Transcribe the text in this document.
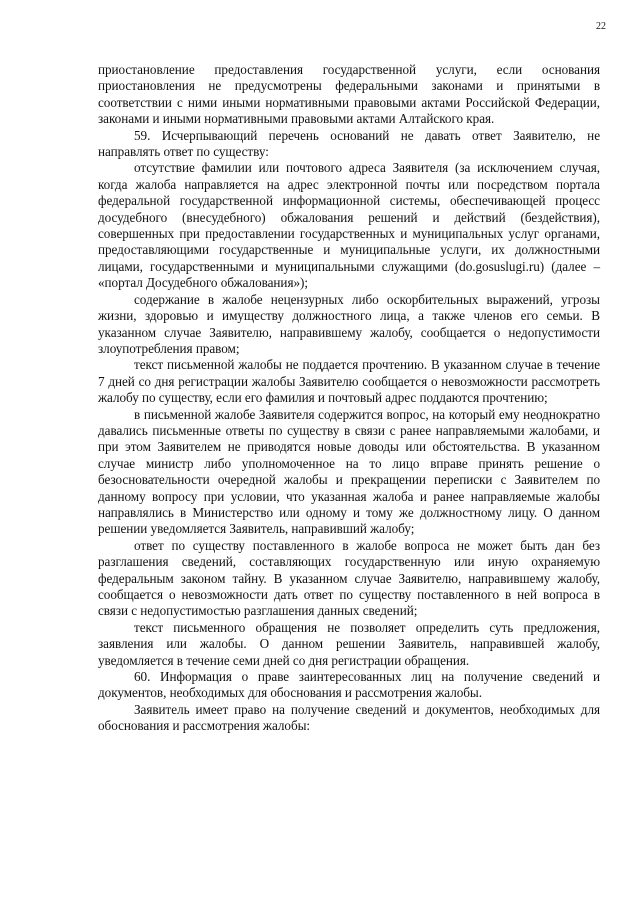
22

приостановление предоставления государственной услуги, если основания приостановления не предусмотрены федеральными законами и принятыми в соответствии с ними иными нормативными правовыми актами Российской Федерации, законами и иными нормативными правовыми актами Алтайского края.

59. Исчерпывающий перечень оснований не давать ответ Заявителю, не направлять ответ по существу:

отсутствие фамилии или почтового адреса Заявителя (за исключением случая, когда жалоба направляется на адрес электронной почты или посредством портала федеральной государственной информационной системы, обеспечивающей процесс досудебного (внесудебного) обжалования решений и действий (бездействия), совершенных при предоставлении государственных и муниципальных услуг органами, предоставляющими государственные и муниципальные услуги, их должностными лицами, государственными и муниципальными служащими (do.gosuslugi.ru) (далее – «портал Досудебного обжалования»);

содержание в жалобе нецензурных либо оскорбительных выражений, угрозы жизни, здоровью и имуществу должностного лица, а также членов его семьи. В указанном случае Заявителю, направившему жалобу, сообщается о недопустимости злоупотребления правом;

текст письменной жалобы не поддается прочтению. В указанном случае в течение 7 дней со дня регистрации жалобы Заявителю сообщается о невозможности рассмотреть жалобу по существу, если его фамилия и почтовый адрес поддаются прочтению;

в письменной жалобе Заявителя содержится вопрос, на который ему неоднократно давались письменные ответы по существу в связи с ранее направляемыми жалобами, и при этом Заявителем не приводятся новые доводы или обстоятельства. В указанном случае министр либо уполномоченное на то лицо вправе принять решение о безосновательности очередной жалобы и прекращении переписки с Заявителем по данному вопросу при условии, что указанная жалоба и ранее направляемые жалобы направлялись в Министерство или одному и тому же должностному лицу. О данном решении уведомляется Заявитель, направивший жалобу;

ответ по существу поставленного в жалобе вопроса не может быть дан без разглашения сведений, составляющих государственную или иную охраняемую федеральным законом тайну. В указанном случае Заявителю, направившему жалобу, сообщается о невозможности дать ответ по существу поставленного в ней вопроса в связи с недопустимостью разглашения данных сведений;

текст письменного обращения не позволяет определить суть предложения, заявления или жалобы. О данном решении Заявитель, направившей жалобу, уведомляется в течение семи дней со дня регистрации обращения.

60. Информация о праве заинтересованных лиц на получение сведений и документов, необходимых для обоснования и рассмотрения жалобы.

Заявитель имеет право на получение сведений и документов, необходимых для обоснования и рассмотрения жалобы:
